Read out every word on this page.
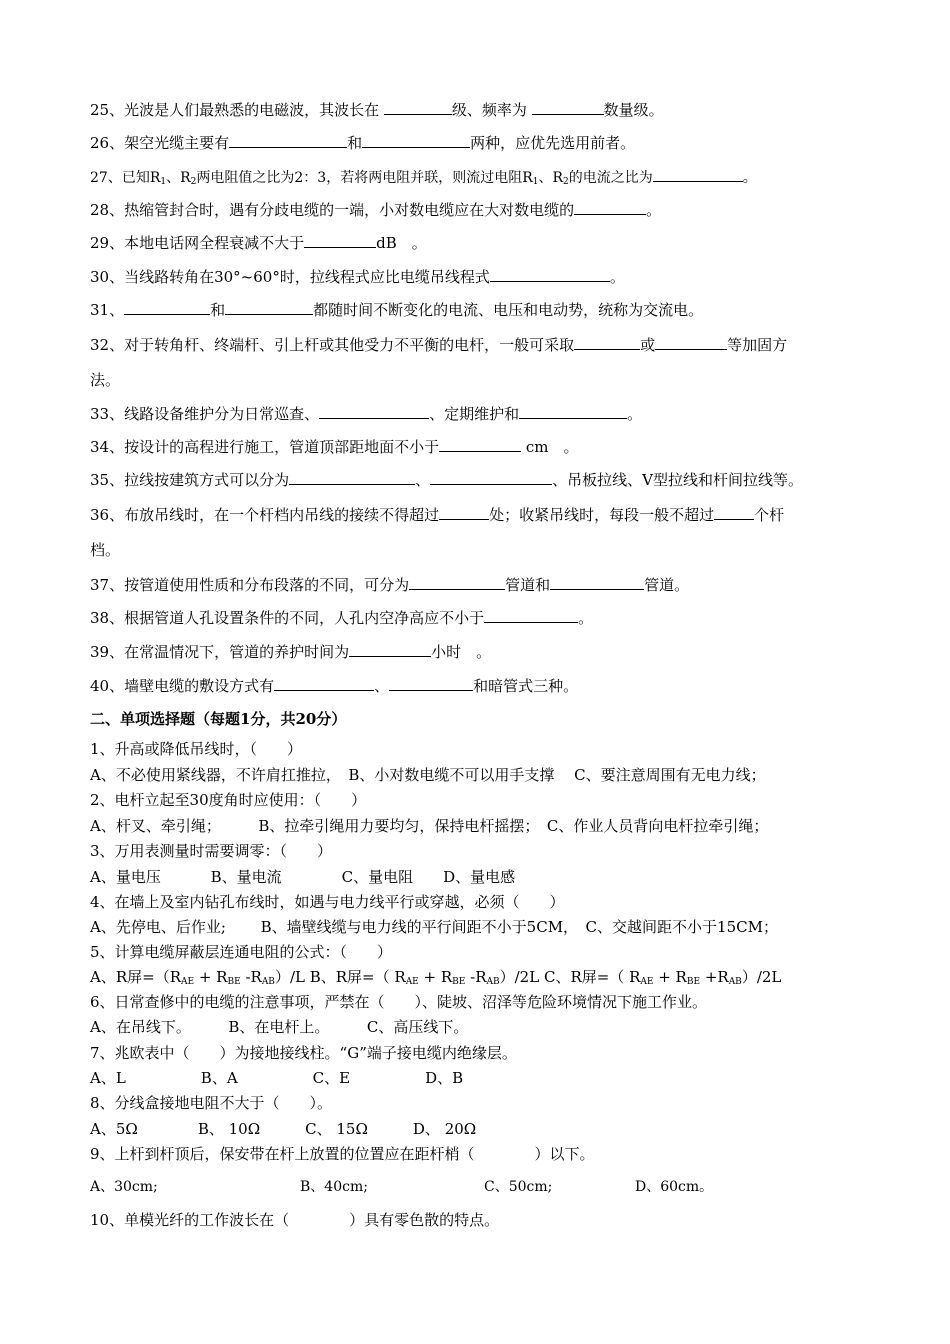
25、光波是人们最熟悉的电磁波，其波长在	级、频率为	数量级。
26、架空光缆主要有	和	两种，应优先选用前者。
27、已知$R_1$、$R_2$两电阻值之比为2：3，若将两电阻并联，则流过电阻$R_1$、$R_2$的电流之比为	。
28、热缩管封合时，遇有分歧电缆的一端，小对数电缆应在大对数电缆的	。
29、本地电话网全程衰减不大于	dB　。
30、当线路转角在30°~60°时，拉线程式应比电缆吊线程式	。
31、	和	都随时间不断变化的电流、电压和电动势，统称为交流电。
32、对于转角杆、终端杆、引上杆或其他受力不平衡的电杆，一般可采取	或	等加固方
法。
33、线路设备维护分为日常巡查、	、定期维护和	。
34、按设计的高程进行施工，管道顶部距地面不小于	cm　。
35、拉线按建筑方式可以分为	、	、吊板拉线、V型拉线和杆间拉线等。
36、布放吊线时，在一个杆档内吊线的接续不得超过	处；收紧吊线时，每段一般不超过	个杆
档。
37、按管道使用性质和分布段落的不同，可分为	管道和	管道。
38、根据管道人孔设置条件的不同，人孔内空净高应不小于	。
39、在常温情况下，管道的养护时间为	小时　。
40、墙壁电缆的敷设方式有	、	和暗管式三种。
二、单项选择题（每题1分，共20分）
1、升高或降低吊线时，（　　）
A、不必使用紧线器，不许肩扛推拉，　B、小对数电缆不可以用手支撑　 C、要注意周围有无电力线；
2、电杆立起至30度角时应使用：（　　）
A、杆叉、牵引绳；　　　B、拉牵引绳用力要均匀，保持电杆摇摆；　C、作业人员背向电杆拉牵引绳；
3、万用表测量时需要调零：（　　）
A、量电压　　　 B、量电流　　　　C、量电阻　　D、量电感
4、在墙上及室内钻孔布线时，如遇与电力线平行或穿越，必须（　　）
A、先停电、后作业;　　 B、墙壁线缆与电力线的平行间距不小于5CM，　C、交越间距不小于15CM；
5、计算电缆屏蔽层连通电阻的公式：（　　）
A、R屏$=(R_{AE} + R_{BE}$ $-R_{AB})/L$ B、R屏=（ $R_{AE} + R_{BE}$ $-R_{AB})/2L$ C、R屏=（ $R_{AE} + R_{BE} +R_{AB})/2L$
6、日常查修中的电缆的注意事项，严禁在（　　）、陡坡、沼泽等危险环境情况下施工作业。
A、在吊线下。　　　B、在电杆上。　　　C、高压线下。
7、兆欧表中（　　）为接地接线柱。“G”端子接电缆内绝缘层。
A、L　　　　　B、A　　　　　C、E　　　　　D、B
8、分线盒接地电阻不大于（　　）。
A、5Ω　　　　B、 10Ω　　　C、 15Ω　　　D、 20Ω
9、上杆到杆顶后，保安带在杆上放置的位置应在距杆梢（　　　　）以下。
A、30cm;	B、40cm;	C、50cm;	D、60cm。
10、单模光纤的工作波长在（　　　　）具有零色散的特点。
